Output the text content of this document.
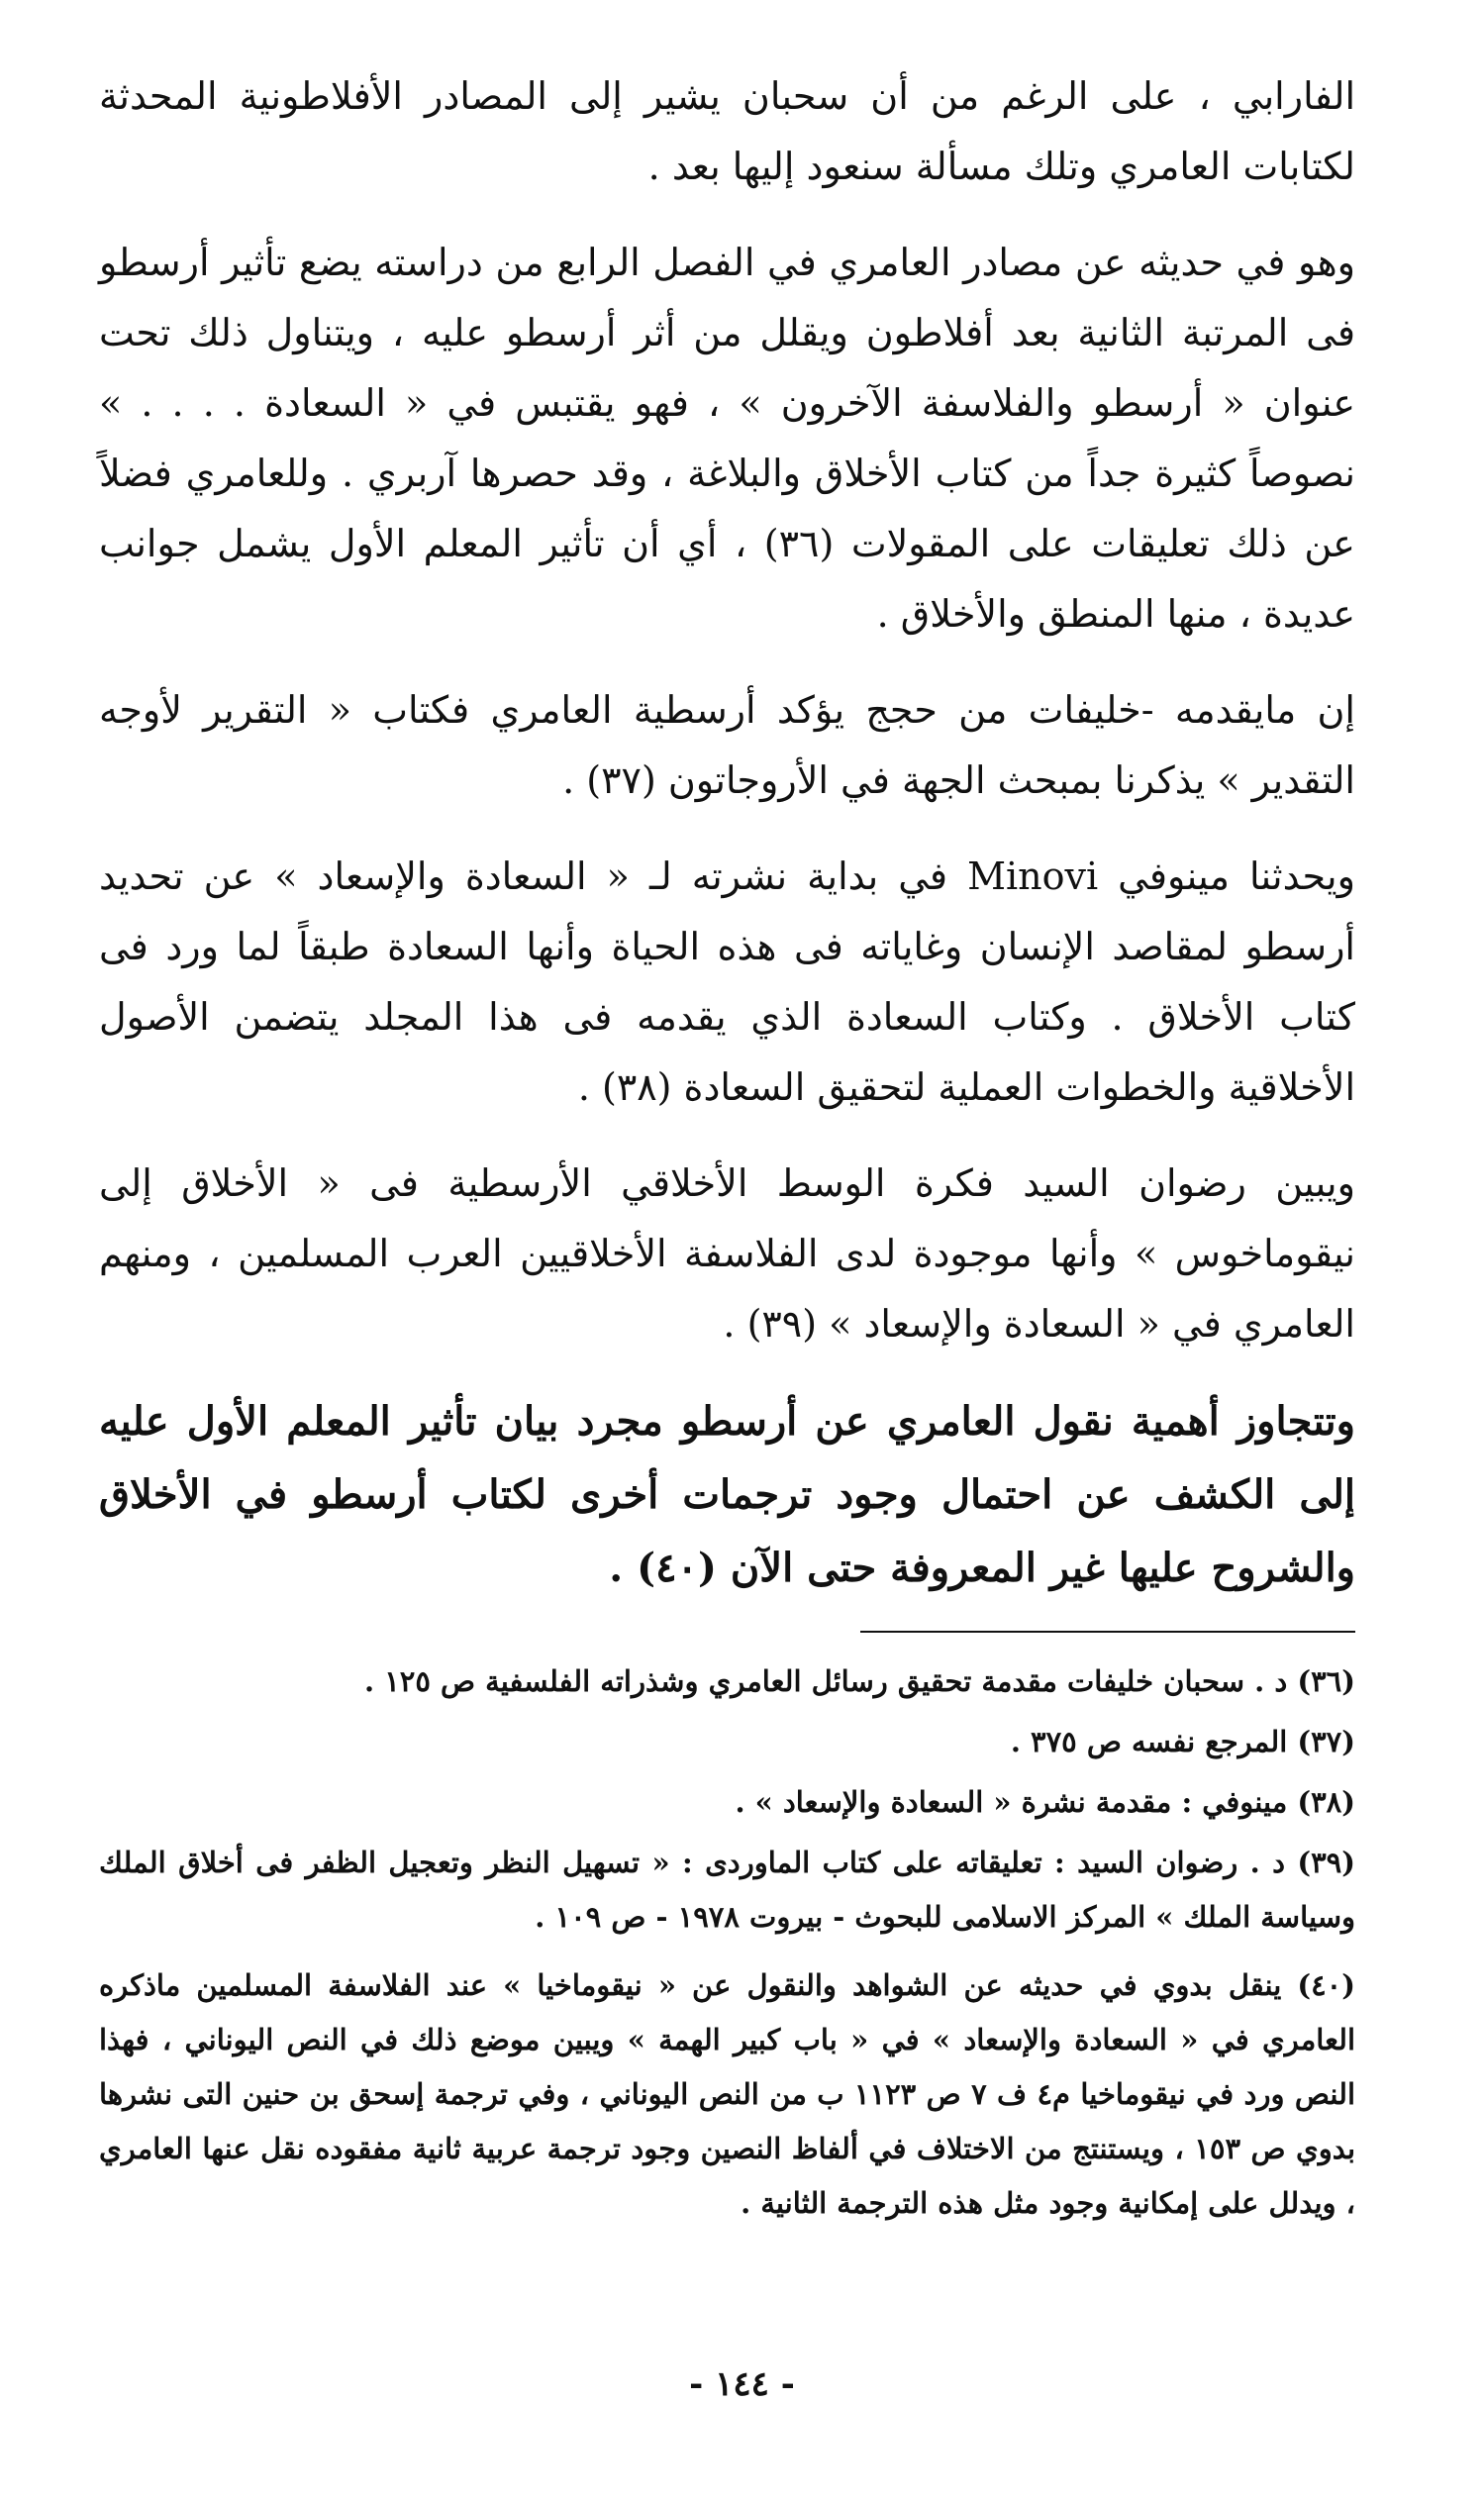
الفارابي ، على الرغم من أن سحبان يشير إلى المصادر الأفلاطونية المحدثة لكتابات العامري وتلك مسألة سنعود إليها بعد .

وهو في حديثه عن مصادر العامري في الفصل الرابع من دراسته يضع تأثير أرسطو فى المرتبة الثانية بعد أفلاطون ويقلل من أثر أرسطو عليه ، ويتناول ذلك تحت عنوان « أرسطو والفلاسفة الآخرون » ، فهو يقتبس في « السعادة . . . . » نصوصاً كثيرة جداً من كتاب الأخلاق والبلاغة ، وقد حصرها آربري . وللعامري فضلاً عن ذلك تعليقات على المقولات (٣٦) ، أي أن تأثير المعلم الأول يشمل جوانب عديدة ، منها المنطق والأخلاق .

إن مايقدمه -خليفات من حجج يؤكد أرسطية العامري فكتاب « التقرير لأوجه التقدير » يذكرنا بمبحث الجهة في الأروجاتون (٣٧) .

ويحدثنا مينوفي Minovi في بداية نشرته لـ « السعادة والإسعاد » عن تحديد أرسطو لمقاصد الإنسان وغاياته فى هذه الحياة وأنها السعادة طبقاً لما ورد فى كتاب الأخلاق . وكتاب السعادة الذي يقدمه فى هذا المجلد يتضمن الأصول الأخلاقية والخطوات العملية لتحقيق السعادة (٣٨) .

ويبين رضوان السيد فكرة الوسط الأخلاقي الأرسطية فى « الأخلاق إلى نيقوماخوس » وأنها موجودة لدى الفلاسفة الأخلاقيين العرب المسلمين ، ومنهم العامري في « السعادة والإسعاد » (٣٩) .

وتتجاوز أهمية نقول العامري عن أرسطو مجرد بيان تأثير المعلم الأول عليه إلى الكشف عن احتمال وجود ترجمات أخرى لكتاب أرسطو في الأخلاق والشروح عليها غير المعروفة حتى الآن (٤٠) .

(٣٦) د . سحبان خليفات مقدمة تحقيق رسائل العامري وشذراته الفلسفية ص ١٢٥ .

(٣٧) المرجع نفسه ص ٣٧٥ .

(٣٨) مينوفي : مقدمة نشرة « السعادة والإسعاد » .

(٣٩) د . رضوان السيد : تعليقاته على كتاب الماوردى : « تسهيل النظر وتعجيل الظفر فى أخلاق الملك وسياسة الملك » المركز الاسلامى للبحوث - بيروت ١٩٧٨ - ص ١٠٩ .

(٤٠) ينقل بدوي في حديثه عن الشواهد والنقول عن « نيقوماخيا » عند الفلاسفة المسلمين ماذكره العامري في « السعادة والإسعاد » في « باب كبير الهمة » ويبين موضع ذلك في النص اليوناني ، فهذا النص ورد في نيقوماخيا م٤ ف ٧ ص ١١٢٣ ب من النص اليوناني ، وفي ترجمة إسحق بن حنين التى نشرها بدوي ص ١٥٣ ، ويستنتج من الاختلاف في ألفاظ النصين وجود ترجمة عربية ثانية مفقوده نقل عنها العامري ، ويدلل على إمكانية وجود مثل هذه الترجمة الثانية .

- ١٤٤ -
